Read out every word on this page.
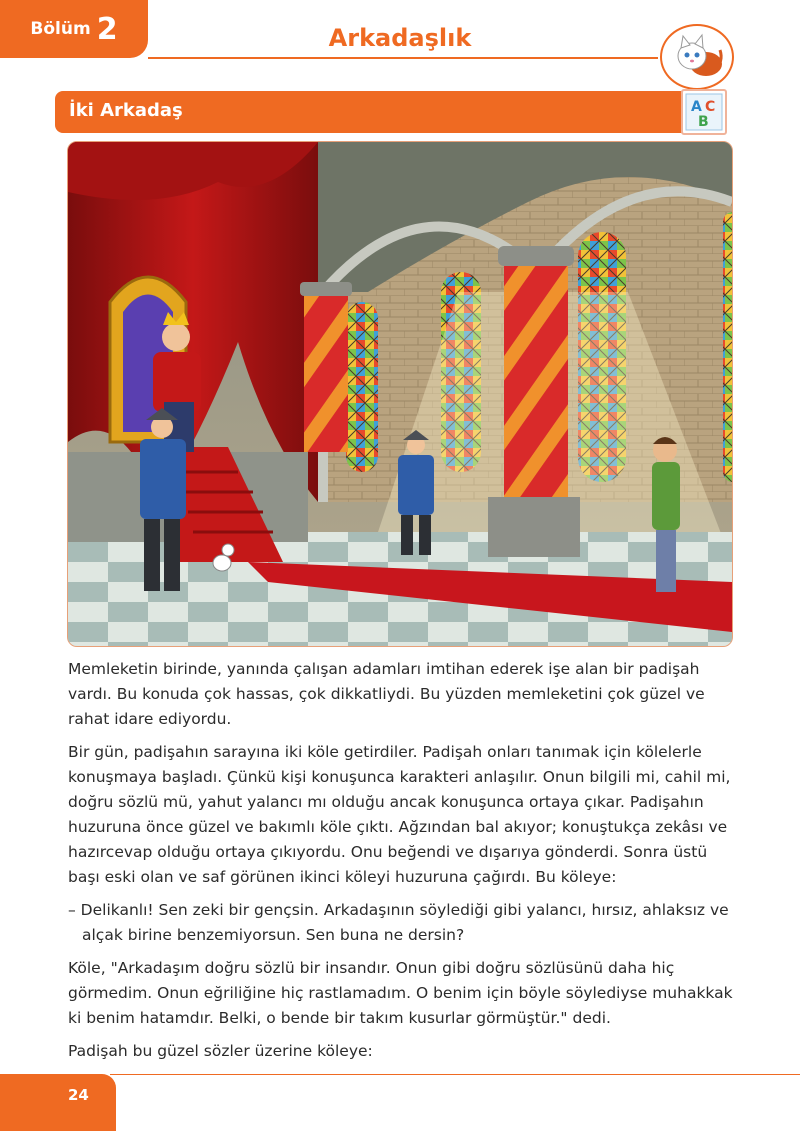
Bölüm 2	Arkadaşlık
İki Arkadaş	A C
B

Memleketin birinde, yanında çalışan adamları imtihan ederek işe alan bir padişah vardı. Bu konuda çok hassas, çok dikkatliydi. Bu yüzden memleketini çok güzel ve rahat idare ediyordu.

Bir gün, padişahın sarayına iki köle getirdiler. Padişah onları tanımak için kölelerle konuşmaya başladı. Çünkü kişi konuşunca karakteri anlaşılır. Onun bilgili mi, cahil mi, doğru sözlü mü, yahut yalancı mı olduğu ancak konuşunca ortaya çıkar. Padişahın huzuruna önce güzel ve bakımlı köle çıktı. Ağzından bal akıyor; konuştukça zekâsı ve hazırcevap olduğu ortaya çıkıyordu. Onu beğendi ve dışarıya gönderdi. Sonra üstü başı eski olan ve saf görünen ikinci köleyi huzuruna çağırdı. Bu köleye:

– Delikanlı! Sen zeki bir gençsin. Arkadaşının söylediği gibi yalancı, hırsız, ahlaksız ve alçak birine benzemiyorsun. Sen buna ne dersin?

Köle, "Arkadaşım doğru sözlü bir insandır. Onun gibi doğru sözlüsünü daha hiç görmedim. Onun eğriliğine hiç rastlamadım. O benim için böyle söylediyse muhakkak ki benim hatamdır. Belki, o bende bir takım kusurlar görmüştür." dedi.

Padişah bu güzel sözler üzerine köleye:

24
